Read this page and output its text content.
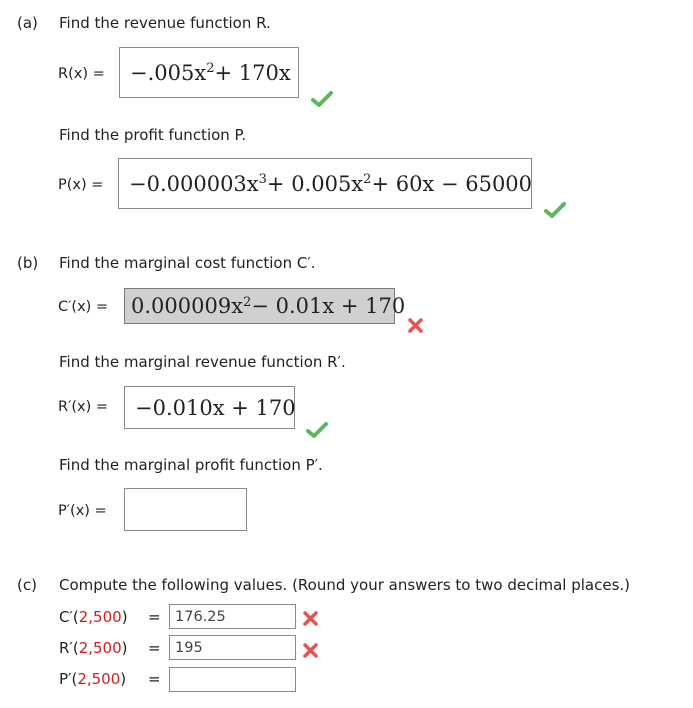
(a) Find the revenue function R.
$R(x) = -.005x^2 + 170x$
Find the profit function P.
$P(x) = -0.000003x^3 + 0.005x^2 + 60x - 65000$
(b) Find the marginal cost function C′.
$C'(x) = 0.000009x^2 - 0.01x + 170$
Find the marginal revenue function R′.
R′(x) = −0.010x + 170
Find the marginal profit function P′.
P′(x) =
(c) Compute the following values. (Round your answers to two decimal places.)
C′(2,500) =
176.25
R′(2,500) =
195
P′(2,500) =
